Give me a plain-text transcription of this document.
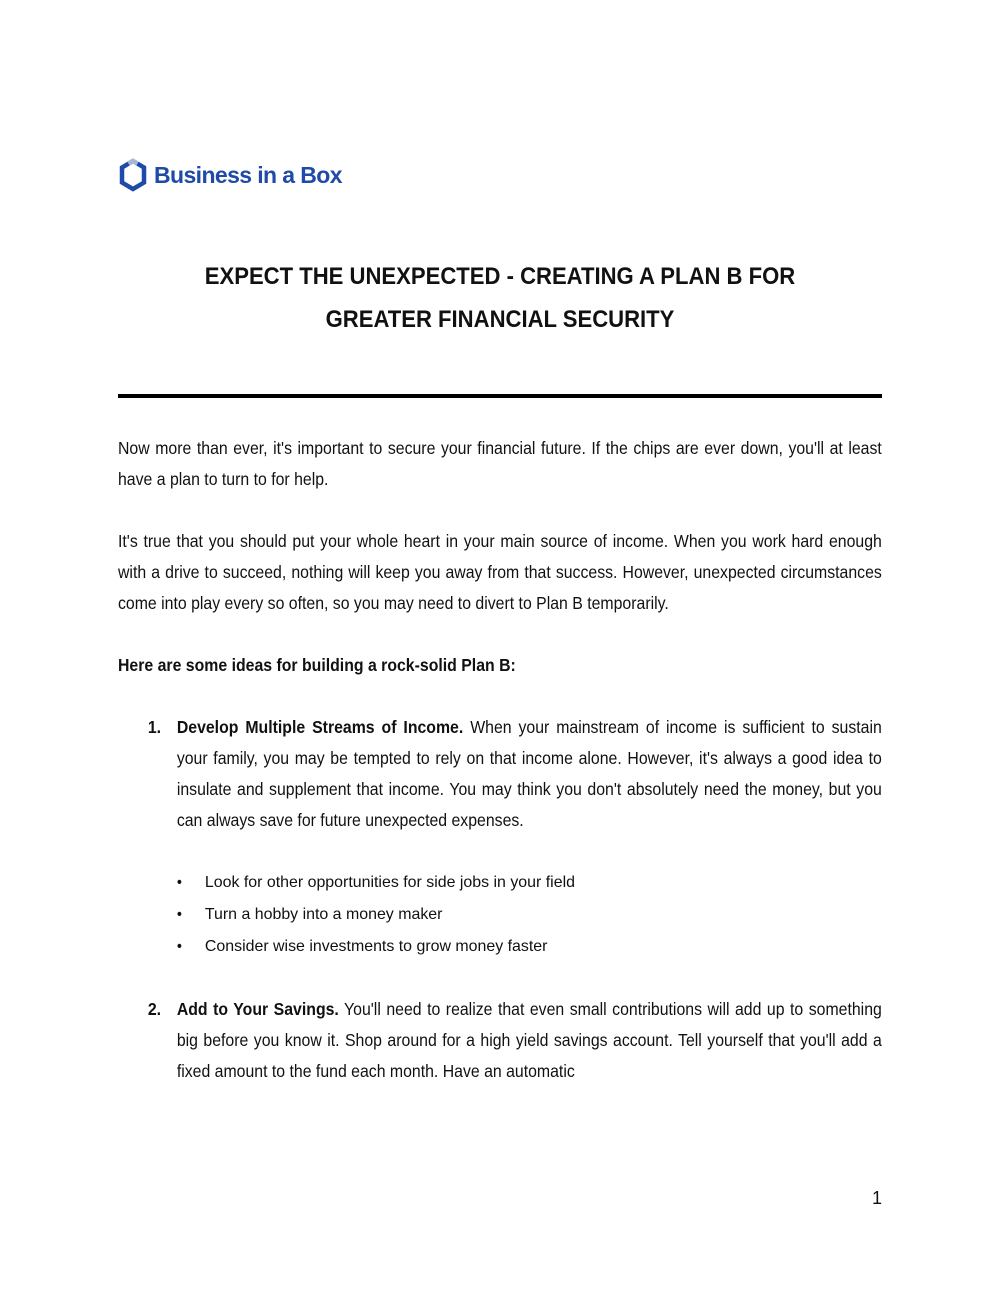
Business in a Box
EXPECT THE UNEXPECTED - CREATING A PLAN B FOR
GREATER FINANCIAL SECURITY

Now more than ever, it's important to secure your financial future. If the chips are ever down, you'll at least have a plan to turn to for help.

It's true that you should put your whole heart in your main source of income. When you work hard enough with a drive to succeed, nothing will keep you away from that success. However, unexpected circumstances come into play every so often, so you may need to divert to Plan B temporarily.

Here are some ideas for building a rock-solid Plan B:

1. Develop Multiple Streams of Income. When your mainstream of income is sufficient to sustain your family, you may be tempted to rely on that income alone. However, it's always a good idea to insulate and supplement that income. You may think you don't absolutely need the money, but you can always save for future unexpected expenses.

• Look for other opportunities for side jobs in your field
• Turn a hobby into a money maker
• Consider wise investments to grow money faster
2. Add to Your Savings. You'll need to realize that even small contributions will add up to something big before you know it. Shop around for a high yield savings account. Tell yourself that you'll add a fixed amount to the fund each month. Have an automatic

1
